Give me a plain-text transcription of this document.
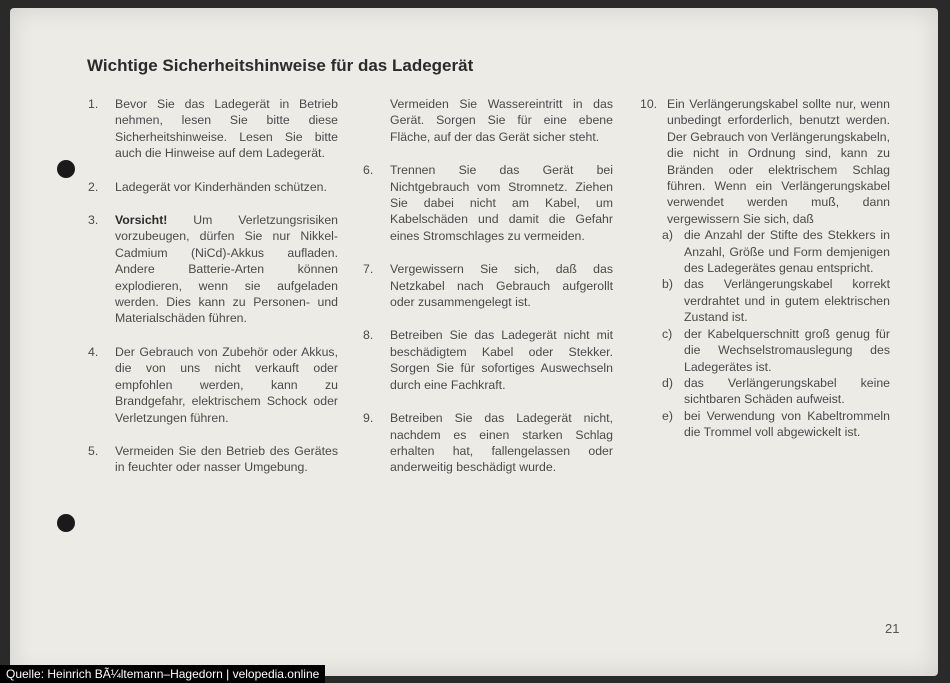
Wichtige Sicherheitshinweise für das Ladegerät
1.	Bevor Sie das Ladegerät in Betrieb nehmen, lesen Sie bitte diese Sicherheitshinweise. Lesen Sie bitte auch die Hinweise auf dem Ladegerät.
2.	Ladegerät vor Kinderhänden schützen.
3.	Vorsicht! Um Verletzungsrisiken vorzubeugen, dürfen Sie nur Nikkel-Cadmium (NiCd)-Akkus aufladen. Andere Batterie-Arten können explodieren, wenn sie aufgeladen werden. Dies kann zu Personen- und Materialschäden führen.
4.	Der Gebrauch von Zubehör oder Akkus, die von uns nicht verkauft oder empfohlen werden, kann zu Brandgefahr, elektrischem Schock oder Verletzungen führen.
5.	Vermeiden Sie den Betrieb des Gerätes in feuchter oder nasser Umgebung.
Vermeiden Sie Wassereintritt in das Gerät. Sorgen Sie für eine ebene Fläche, auf der das Gerät sicher steht.
6.	Trennen Sie das Gerät bei Nichtgebrauch vom Stromnetz. Ziehen Sie dabei nicht am Kabel, um Kabelschäden und damit die Gefahr eines Stromschlages zu vermeiden.
7.	Vergewissern Sie sich, daß das Netzkabel nach Gebrauch aufgerollt oder zusammengelegt ist.
8.	Betreiben Sie das Ladegerät nicht mit beschädigtem Kabel oder Stekker. Sorgen Sie für sofortiges Auswechseln durch eine Fachkraft.
9.	Betreiben Sie das Ladegerät nicht, nachdem es einen starken Schlag erhalten hat, fallengelassen oder anderweitig beschädigt wurde.
10. Ein Verlängerungskabel sollte nur, wenn unbedingt erforderlich, benutzt werden. Der Gebrauch von Verlängerungskabeln, die nicht in Ordnung sind, kann zu Bränden oder elektrischem Schlag führen. Wenn ein Verlängerungskabel verwendet werden muß, dann vergewissern Sie sich, daß
a) die Anzahl der Stifte des Stekkers in Anzahl, Größe und Form demjenigen des Ladegerätes genau entspricht.
b) das Verlängerungskabel korrekt verdrahtet und in gutem elektrischen Zustand ist.
c) der Kabelquerschnitt groß genug für die Wechselstromauslegung des Ladegerätes ist.
d) das Verlängerungskabel keine sichtbaren Schäden aufweist.
e) bei Verwendung von Kabeltrommeln die Trommel voll abgewickelt ist.
21
Quelle: Heinrich BÃ¼ltemann–Hagedorn | velopedia.online
